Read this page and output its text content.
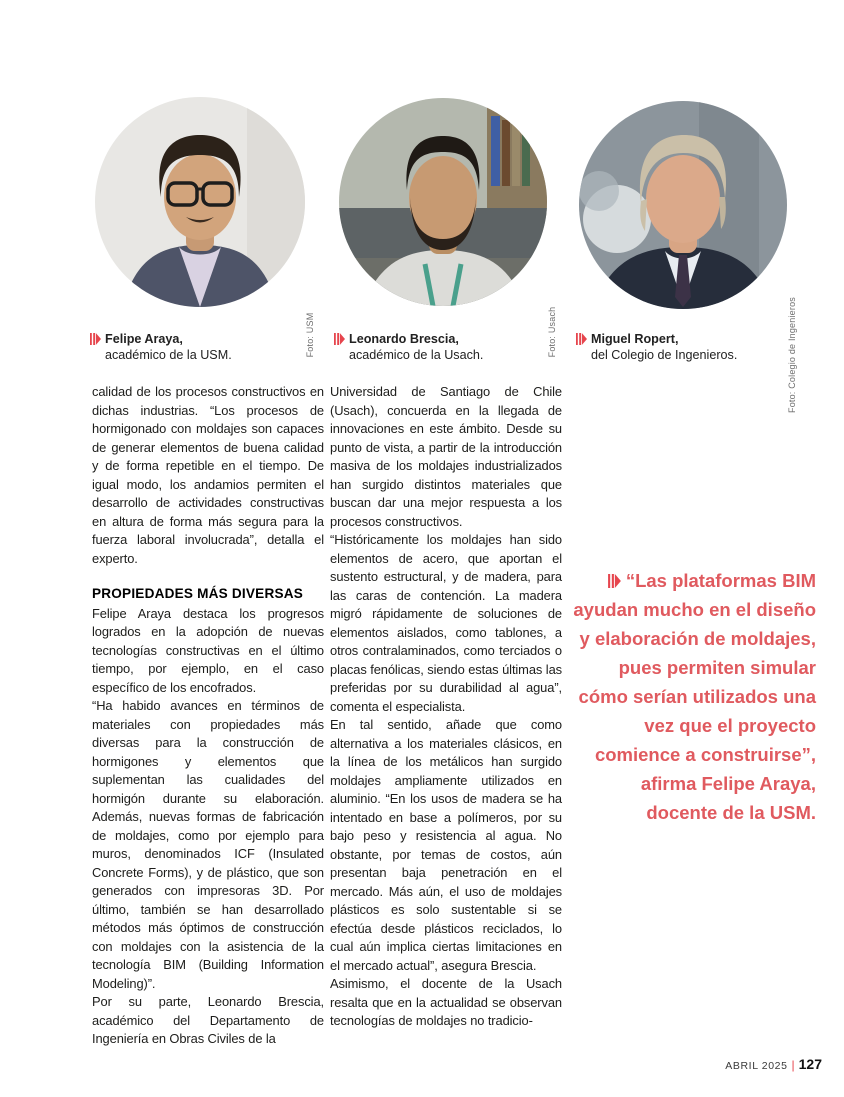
Foto: USM	Foto: Usach	Foto: Colegio de Ingenieros
Felipe Araya,
académico de la USM.
Leonardo Brescia,
académico de la Usach.
Miguel Ropert,
del Colegio de Ingenieros.

calidad de los procesos constructivos en dichas industrias. “Los procesos de hormigonado con moldajes son capaces de generar elementos de buena calidad y de forma repetible en el tiempo. De igual modo, los andamios permiten el desarrollo de actividades constructivas en altura de forma más segura para la fuerza laboral involucrada”, detalla el experto.

PROPIEDADES MÁS DIVERSAS

Felipe Araya destaca los progresos logrados en la adopción de nuevas tecnologías constructivas en el último tiempo, por ejemplo, en el caso específico de los encofrados.

“Ha habido avances en términos de materiales con propiedades más diversas para la construcción de hormigones y elementos que suplementan las cualidades del hormigón durante su elaboración. Además, nuevas formas de fabricación de moldajes, como por ejemplo para muros, denominados ICF (Insulated Concrete Forms), y de plástico, que son generados con impresoras 3D. Por último, también se han desarrollado métodos más óptimos de construcción con moldajes con la asistencia de la tecnología BIM (Building Information Modeling)”.

Por su parte, Leonardo Brescia, académico del Departamento de Ingeniería en Obras Civiles de la

Universidad de Santiago de Chile (Usach), concuerda en la llegada de innovaciones en este ámbito. Desde su punto de vista, a partir de la introducción masiva de los moldajes industrializados han surgido distintos materiales que buscan dar una mejor respuesta a los procesos constructivos.

“Históricamente los moldajes han sido elementos de acero, que aportan el sustento estructural, y de madera, para las caras de contención. La madera migró rápidamente de soluciones de elementos aislados, como tablones, a otros contralaminados, como terciados o placas fenólicas, siendo estas últimas las preferidas por su durabilidad al agua”, comenta el especialista.

En tal sentido, añade que como alternativa a los materiales clásicos, en la línea de los metálicos han surgido moldajes ampliamente utilizados en aluminio. “En los usos de madera se ha intentado en base a polímeros, por su bajo peso y resistencia al agua. No obstante, por temas de costos, aún presentan baja penetración en el mercado. Más aún, el uso de moldajes plásticos es solo sustentable si se efectúa desde plásticos reciclados, lo cual aún implica ciertas limitaciones en el mercado actual”, asegura Brescia.

Asimismo, el docente de la Usach resalta que en la actualidad se observan tecnologías de moldajes no tradicio-

“Las plataformas BIM ayudan mucho en el diseño y elaboración de moldajes, pues permiten simular cómo serían utilizados una vez que el proyecto comience a construirse”, afirma Felipe Araya, docente de la USM.
ABRIL 2025 | 127
